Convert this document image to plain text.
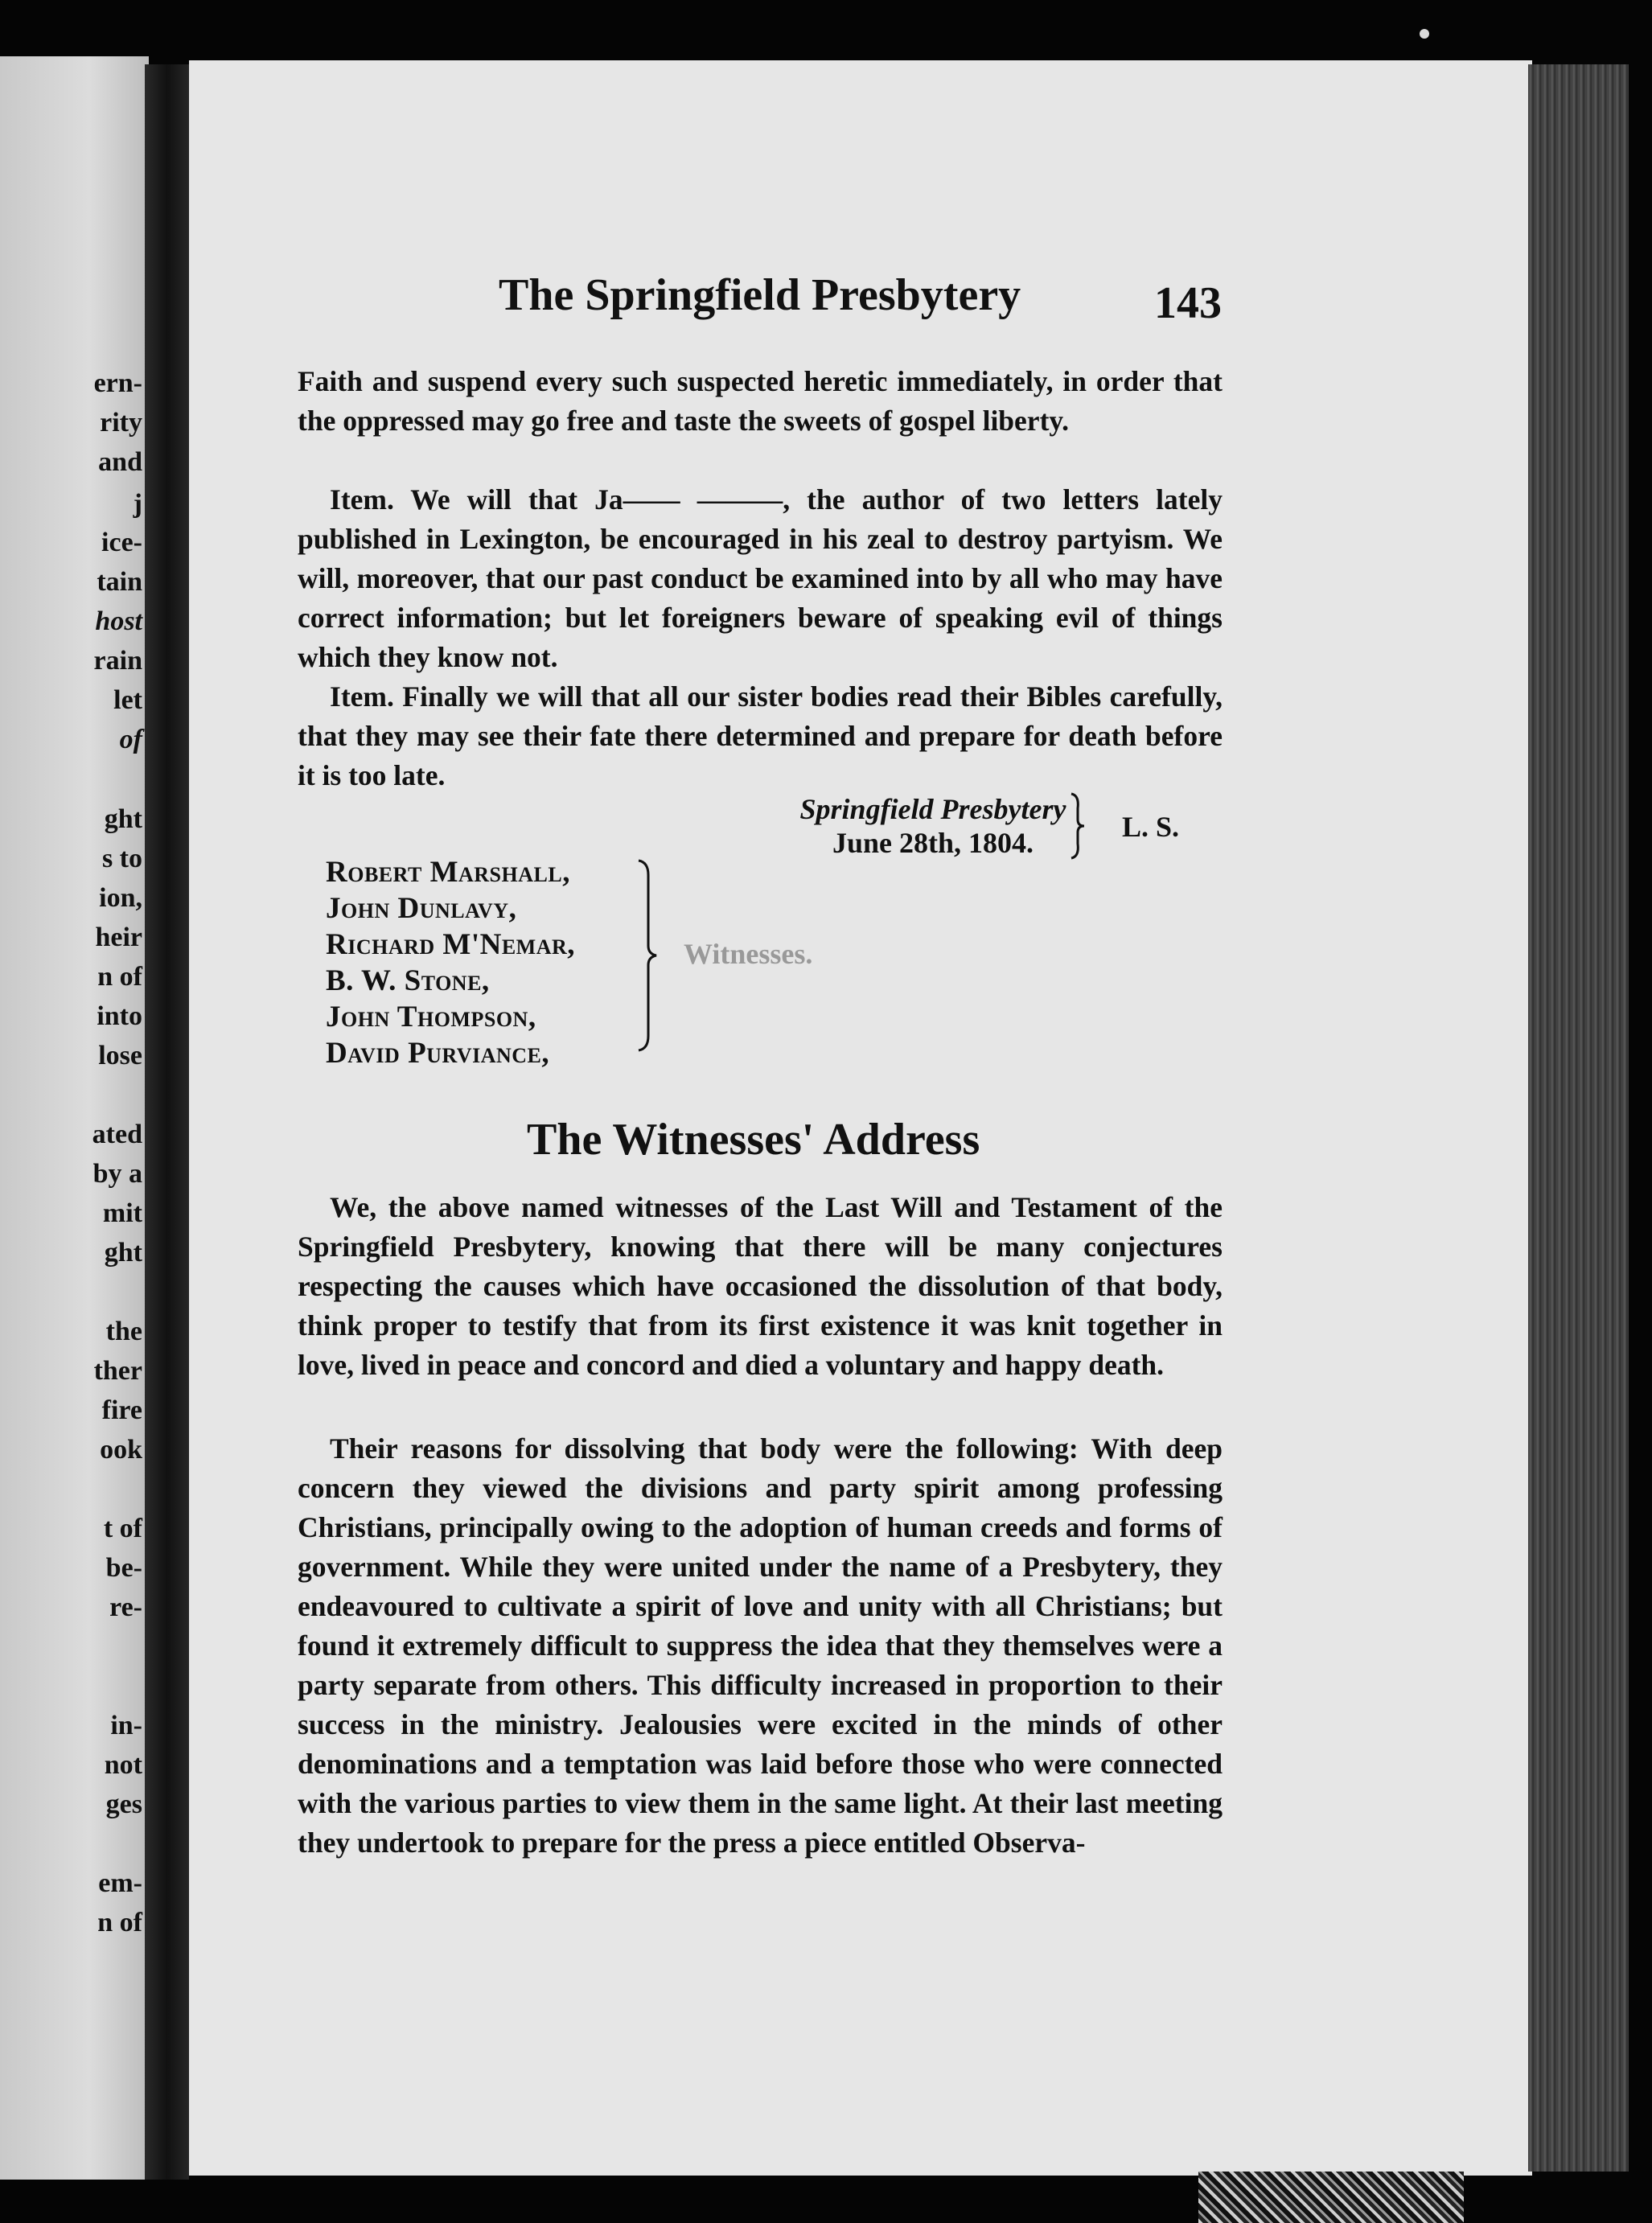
ern-

rity

and

j

ice-

tain

host

rain

let

of

ght

s to

ion,

heir

n of

into

lose

ated

by a

mit

ght

the

ther

fire

ook

t of

be-

re-

in-

not

ges

em-

n of

The Springfield Presbytery	143

Faith and suspend every such suspected heretic immediately, in order that the oppressed may go free and taste the sweets of gospel liberty.

Item. We will that Ja—— ———, the author of two letters lately published in Lexington, be encouraged in his zeal to destroy partyism. We will, moreover, that our past conduct be examined into by all who may have correct information; but let foreigners beware of speaking evil of things which they know not.

Item. Finally we will that all our sister bodies read their Bibles carefully, that they may see their fate there determined and prepare for death before it is too late.

Springfield Presbytery
June 28th, 1804.	L. S.
Robert Marshall,
John Dunlavy,
Richard M'Nemar,
B. W. Stone,
John Thompson,
David Purviance,
Witnesses.
The Witnesses' Address

We, the above named witnesses of the Last Will and Testament of the Springfield Presbytery, knowing that there will be many conjectures respecting the causes which have occasioned the dissolution of that body, think proper to testify that from its first existence it was knit together in love, lived in peace and concord and died a voluntary and happy death.

Their reasons for dissolving that body were the following: With deep concern they viewed the divisions and party spirit among professing Christians, principally owing to the adoption of human creeds and forms of government. While they were united under the name of a Presbytery, they endeavoured to cultivate a spirit of love and unity with all Christians; but found it extremely difficult to suppress the idea that they themselves were a party separate from others. This difficulty increased in proportion to their success in the ministry. Jealousies were excited in the minds of other denominations and a temptation was laid before those who were connected with the various parties to view them in the same light. At their last meeting they undertook to prepare for the press a piece entitled Observa-
